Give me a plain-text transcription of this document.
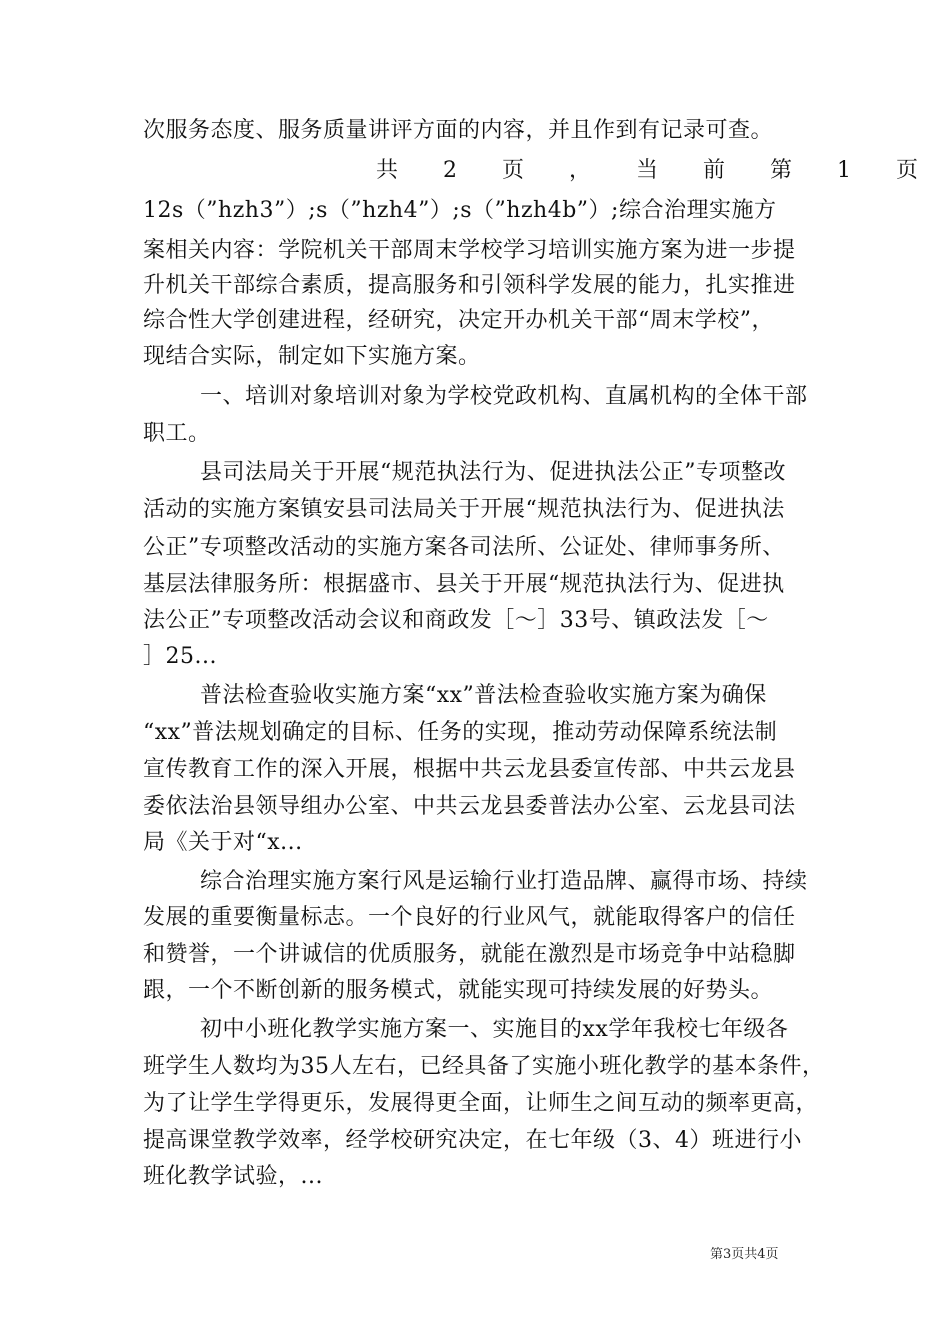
次服务态度、服务质量讲评方面的内容，并且作到有记录可查。
共 2 页 ， 当 前 第 1 页
12s（”hzh3”）;s（”hzh4”）;s（”hzh4b”）;综合治理实施方
案相关内容：学院机关干部周末学校学习培训实施方案为进一步提
升机关干部综合素质，提高服务和引领科学发展的能力，扎实推进
综合性大学创建进程，经研究，决定开办机关干部“周末学校”，
现结合实际，制定如下实施方案。
一、培训对象培训对象为学校党政机构、直属机构的全体干部
职工。
县司法局关于开展“规范执法行为、促进执法公正”专项整改
活动的实施方案镇安县司法局关于开展“规范执法行为、促进执法
公正”专项整改活动的实施方案各司法所、公证处、律师事务所、
基层法律服务所：根据盛市、县关于开展“规范执法行为、促进执
法公正”专项整改活动会议和商政发［～］33号、镇政法发［～
］25...
普法检查验收实施方案“xx”普法检查验收实施方案为确保
“xx”普法规划确定的目标、任务的实现，推动劳动保障系统法制
宣传教育工作的深入开展，根据中共云龙县委宣传部、中共云龙县
委依法治县领导组办公室、中共云龙县委普法办公室、云龙县司法
局《关于对“x...
综合治理实施方案行风是运输行业打造品牌、赢得市场、持续
发展的重要衡量标志。一个良好的行业风气，就能取得客户的信任
和赞誉，一个讲诚信的优质服务，就能在激烈是市场竞争中站稳脚
跟，一个不断创新的服务模式，就能实现可持续发展的好势头。
初中小班化教学实施方案一、实施目的xx学年我校七年级各
班学生人数均为35人左右，已经具备了实施小班化教学的基本条件，
为了让学生学得更乐，发展得更全面，让师生之间互动的频率更高，
提高课堂教学效率，经学校研究决定，在七年级（3、4）班进行小
班化教学试验，...
第3页共4页
